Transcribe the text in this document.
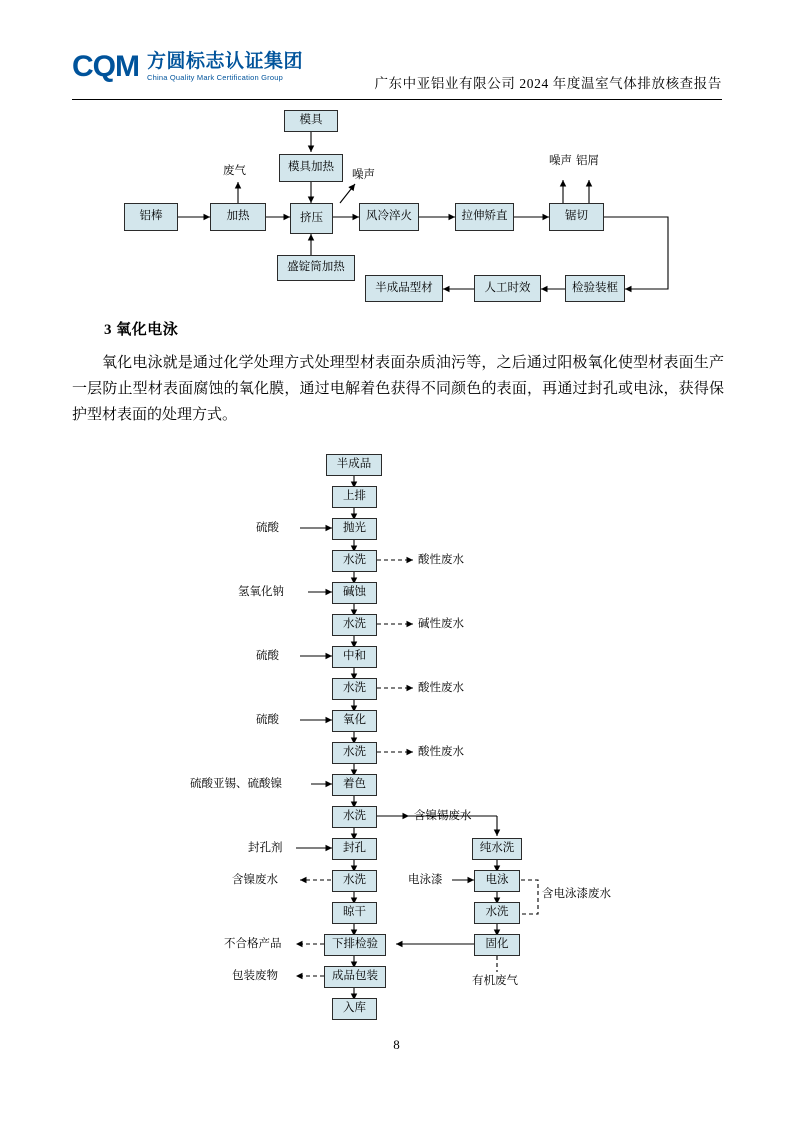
CQM 方圆标志认证集团
China Quality Mark Certification Group	广东中亚铝业有限公司 2024 年度温室气体排放核查报告
模具
模具加热
铝棒	加热	挤压
盛锭筒加热
风冷淬火	拉伸矫直	锯切
检验装框
人工时效
半成品型材
废气	噪声
噪声 铝屑
3 氧化电泳
氧化电泳就是通过化学处理方式处理型材表面杂质油污等，之后通过阳极氧化使型材表面生产一层防止型材表面腐蚀的氧化膜，通过电解着色获得不同颜色的表面，再通过封孔或电泳，获得保护型材表面的处理方式。
半成品
上排
抛光
水洗
碱蚀
水洗
中和
水洗
氧化
水洗
着色
水洗
封孔
水洗
晾干
下排检验
成品包装
入库
纯水洗
电泳
水洗
固化
硫酸
氢氧化钠
硫酸
硫酸
硫酸亚锡、硫酸镍
封孔剂
电泳漆
酸性废水
碱性废水
酸性废水
酸性废水
含镍锡废水
含镍废水
含电泳漆废水
不合格产品
包装废物	有机废气
8
